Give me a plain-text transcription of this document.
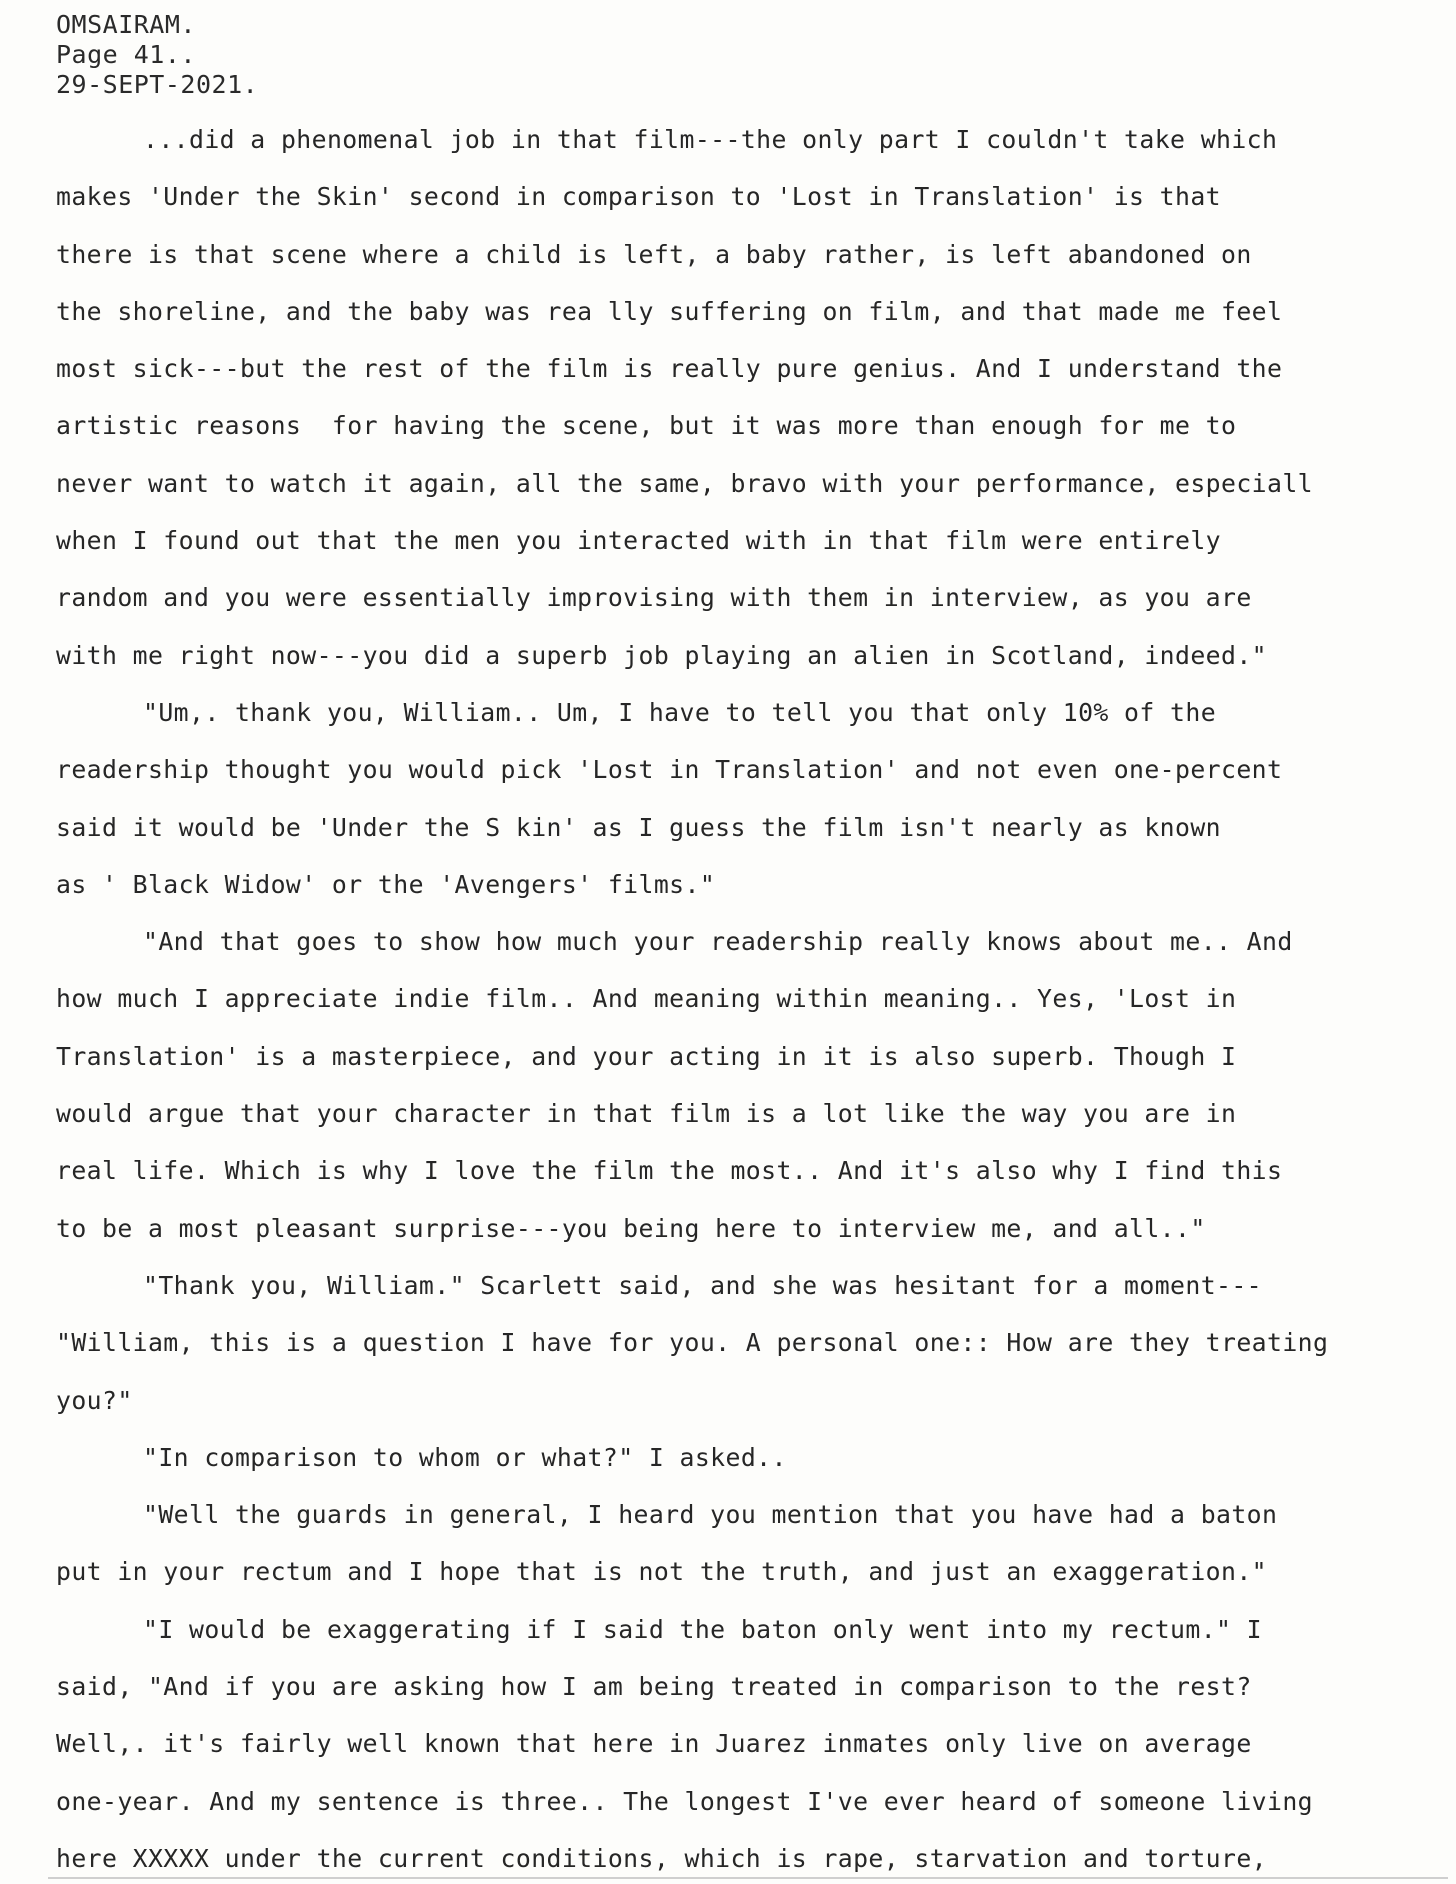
OMSAIRAM.
Page 41..
29-SEPT-2021.
...did a phenomenal job in that film---the only part I couldn't take which
makes 'Under the Skin' second in comparison to 'Lost in Translation' is that
there is that scene where a child is left, a baby rather, is left abandoned on
the shoreline, and the baby was rea lly suffering on film, and that made me feel
most sick---but the rest of the film is really pure genius. And I understand the
artistic reasons  for having the scene, but it was more than enough for me to
never want to watch it again, all the same, bravo with your performance, especiall
when I found out that the men you interacted with in that film were entirely
random and you were essentially improvising with them in interview, as you are
with me right now---you did a superb job playing an alien in Scotland, indeed."
"Um,. thank you, William.. Um, I have to tell you that only 10% of the
readership thought you would pick 'Lost in Translation' and not even one-percent
said it would be 'Under the S kin' as I guess the film isn't nearly as known
as ' Black Widow' or the 'Avengers' films."
"And that goes to show how much your readership really knows about me.. And
how much I appreciate indie film.. And meaning within meaning.. Yes, 'Lost in
Translation' is a masterpiece, and your acting in it is also superb. Though I
would argue that your character in that film is a lot like the way you are in
real life. Which is why I love the film the most.. And it's also why I find this
to be a most pleasant surprise---you being here to interview me, and all.."
"Thank you, William." Scarlett said, and she was hesitant for a moment---
"William, this is a question I have for you. A personal one:: How are they treating
you?"
"In comparison to whom or what?" I asked..
"Well the guards in general, I heard you mention that you have had a baton
put in your rectum and I hope that is not the truth, and just an exaggeration."
"I would be exaggerating if I said the baton only went into my rectum." I
said, "And if you are asking how I am being treated in comparison to the rest?
Well,. it's fairly well known that here in Juarez inmates only live on average
one-year. And my sentence is three.. The longest I've ever heard of someone living
here XXXXX under the current conditions, which is rape, starvation and torture,
